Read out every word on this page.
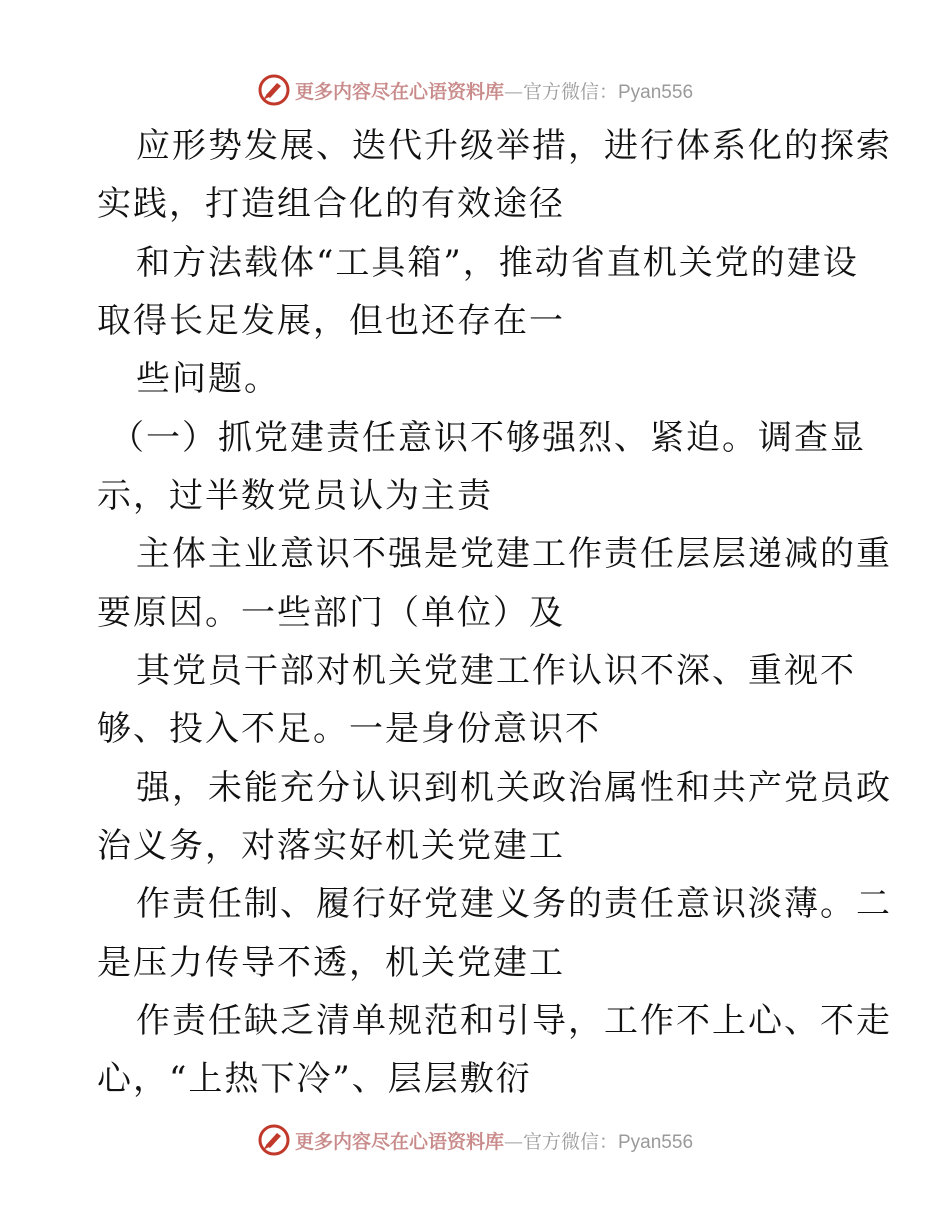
更多内容尽在心语资料库—官方微信：Pyan556
应形势发展、迭代升级举措，进行体系化的探索
实践，打造组合化的有效途径
和方法载体“工具箱”，推动省直机关党的建设
取得长足发展，但也还存在一
些问题。
（一）抓党建责任意识不够强烈、紧迫。调查显
示，过半数党员认为主责
主体主业意识不强是党建工作责任层层递减的重
要原因。一些部门（单位）及
其党员干部对机关党建工作认识不深、重视不
够、投入不足。一是身份意识不
强，未能充分认识到机关政治属性和共产党员政
治义务，对落实好机关党建工
作责任制、履行好党建义务的责任意识淡薄。二
是压力传导不透，机关党建工
作责任缺乏清单规范和引导，工作不上心、不走
心，“上热下冷”、层层敷衍
更多内容尽在心语资料库—官方微信：Pyan556
